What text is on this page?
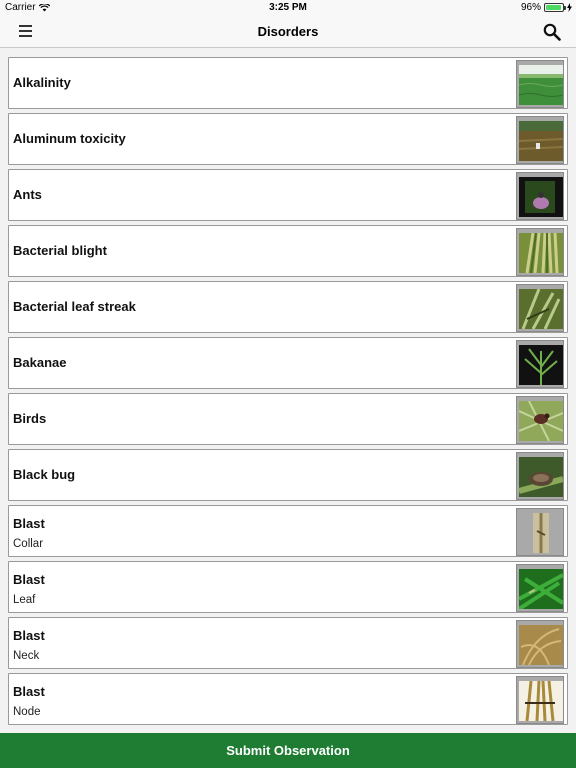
Carrier	3:25 PM	96%
Disorders
Alkalinity
Aluminum toxicity
Ants
Bacterial blight
Bacterial leaf streak
Bakanae
Birds
Black bug
Blast
Collar
Blast
Leaf
Blast
Neck
Blast
Node
Submit Observation
